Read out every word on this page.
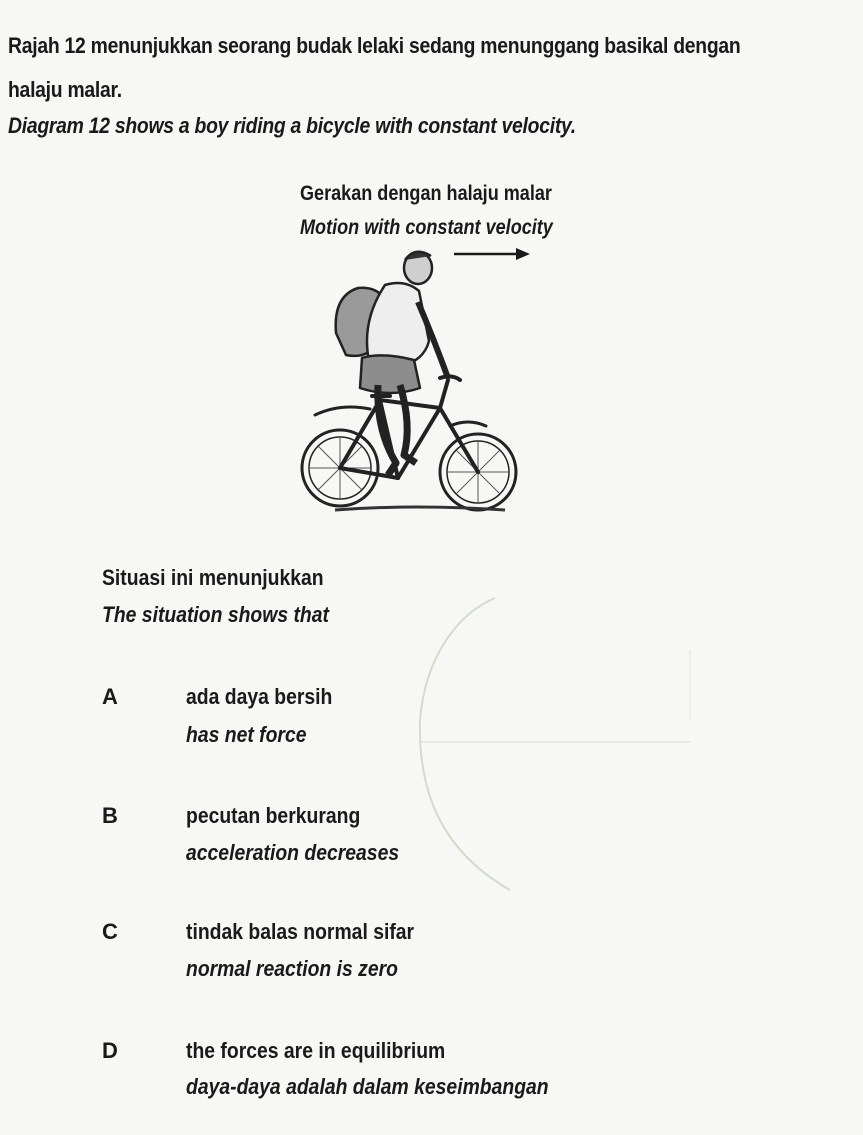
Rajah 12 menunjukkan seorang budak lelaki sedang menunggang basikal dengan
halaju malar.
Diagram 12 shows a boy riding a bicycle with constant velocity.
Gerakan dengan halaju malar
Motion with constant velocity
Situasi ini menunjukkan
The situation shows that
A	ada daya bersih
has net force
B	pecutan berkurang
acceleration decreases
C	tindak balas normal sifar
normal reaction is zero
D	the forces are in equilibrium
daya-daya adalah dalam keseimbangan
